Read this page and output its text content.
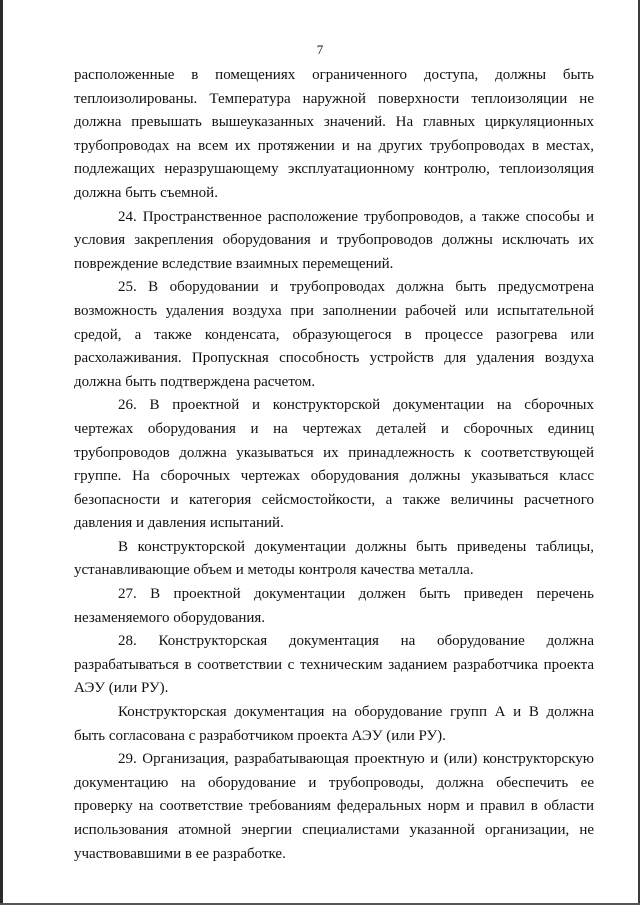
7

расположенные в помещениях ограниченного доступа, должны быть теплоизолированы. Температура наружной поверхности теплоизоляции не должна превышать вышеуказанных значений. На главных циркуляционных трубопроводах на всем их протяжении и на других трубопроводах в местах, подлежащих неразрушающему эксплуатационному контролю, теплоизоляция должна быть съемной.

24. Пространственное расположение трубопроводов, а также способы и условия закрепления оборудования и трубопроводов должны исключать их повреждение вследствие взаимных перемещений.

25. В оборудовании и трубопроводах должна быть предусмотрена возможность удаления воздуха при заполнении рабочей или испытательной средой, а также конденсата, образующегося в процессе разогрева или расхолаживания. Пропускная способность устройств для удаления воздуха должна быть подтверждена расчетом.

26. В проектной и конструкторской документации на сборочных чертежах оборудования и на чертежах деталей и сборочных единиц трубопроводов должна указываться их принадлежность к соответствующей группе. На сборочных чертежах оборудования должны указываться класс безопасности и категория сейсмостойкости, а также величины расчетного давления и давления испытаний.

В конструкторской документации должны быть приведены таблицы, устанавливающие объем и методы контроля качества металла.

27. В проектной документации должен быть приведен перечень незаменяемого оборудования.

28. Конструкторская документация на оборудование должна разрабатываться в соответствии с техническим заданием разработчика проекта АЭУ (или РУ).

Конструкторская документация на оборудование групп А и В должна быть согласована с разработчиком проекта АЭУ (или РУ).

29. Организация, разрабатывающая проектную и (или) конструкторскую документацию на оборудование и трубопроводы, должна обеспечить ее проверку на соответствие требованиям федеральных норм и правил в области использования атомной энергии специалистами указанной организации, не участвовавшими в ее разработке.
